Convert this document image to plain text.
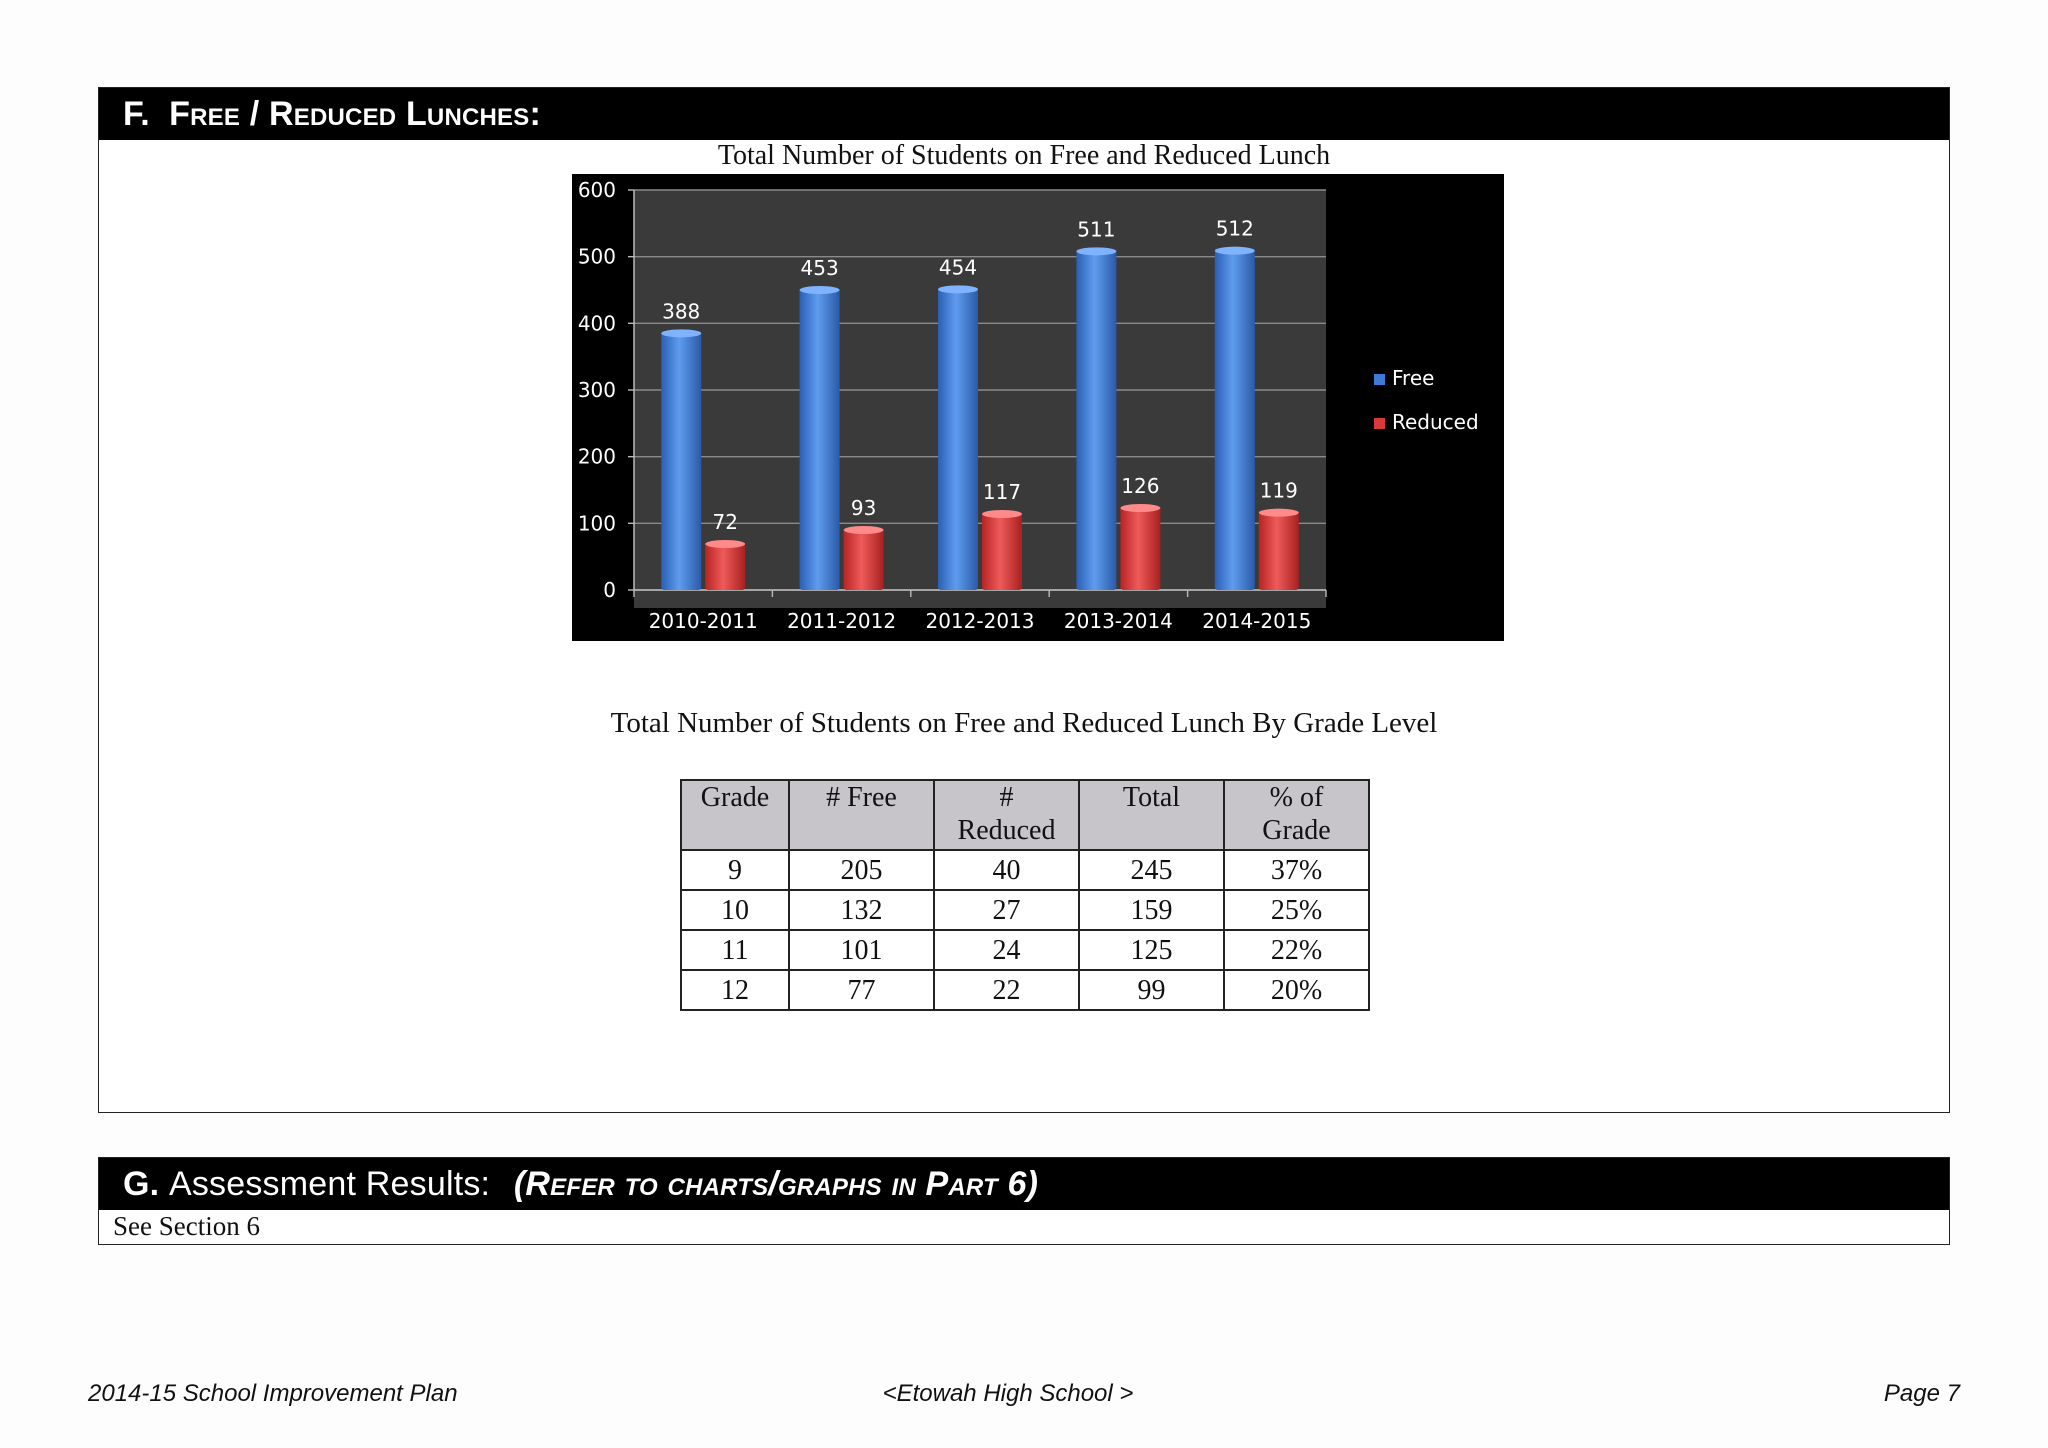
F. Free / Reduced Lunches:
Total Number of Students on Free and Reduced Lunch
0
100
200
300
400
500
600
388
72
2010-2011
453
93
2011-2012
454
117
2012-2013
511
126
2013-2014
512
119
2014-2015
Free
Reduced
Total Number of Students on Free and Reduced Lunch By Grade Level
Grade	# Free	# Reduced	Total	% of Grade

9	205	40	245	37%
10	132	27	159	25%
11	101	24	125	22%
12	77	22	99	20%
G. Assessment Results: (Refer to charts/graphs in Part 6)
See Section 6
2014-15 School Improvement Plan	<Etowah High School >	Page 7
